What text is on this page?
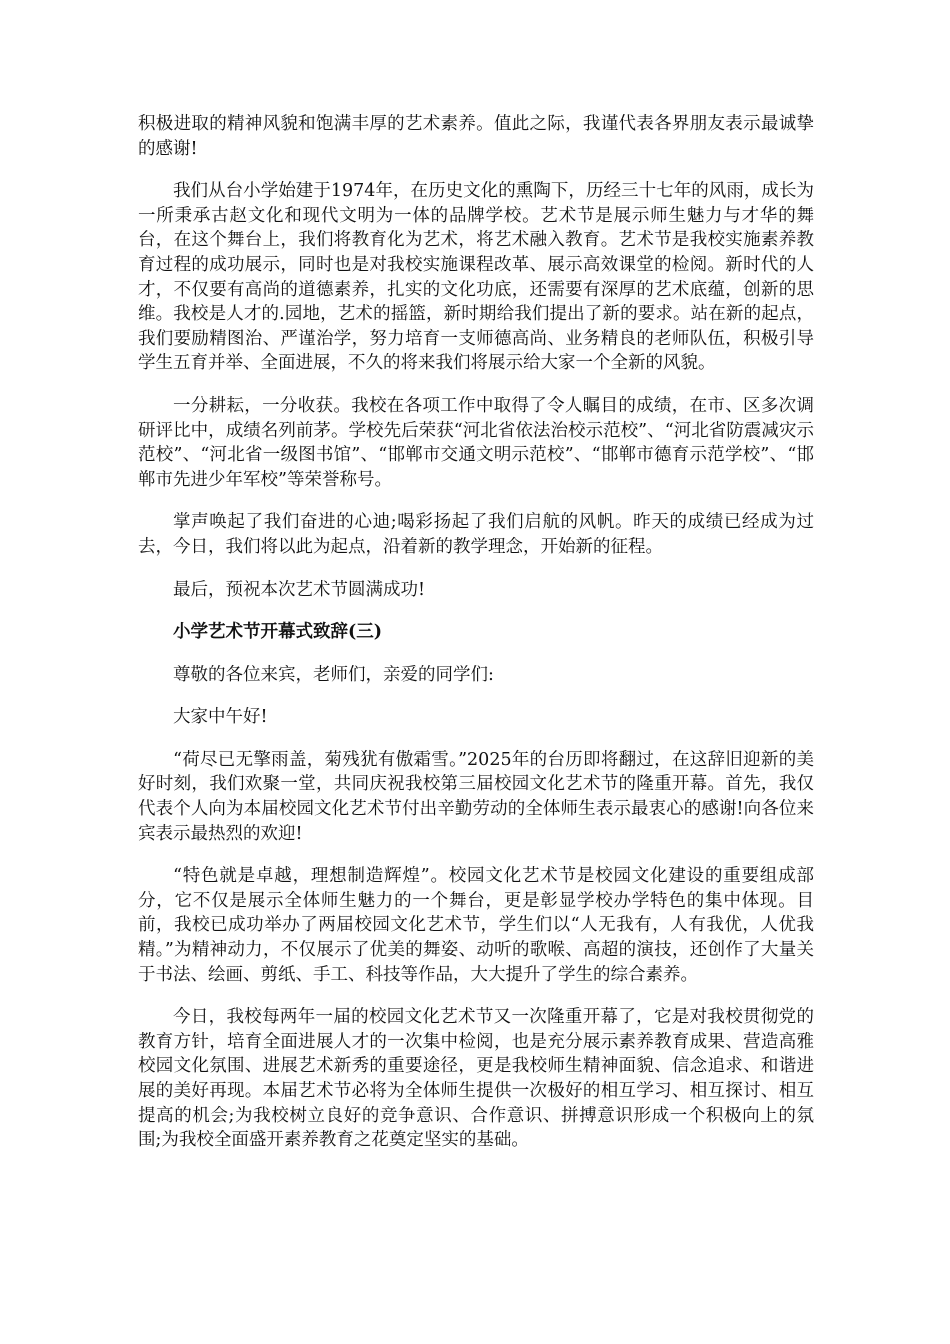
积极进取的精神风貌和饱满丰厚的艺术素养。值此之际，我谨代表各界朋友表示最诚挚的感谢!

我们从台小学始建于1974年，在历史文化的熏陶下，历经三十七年的风雨，成长为一所秉承古赵文化和现代文明为一体的品牌学校。艺术节是展示师生魅力与才华的舞台，在这个舞台上，我们将教育化为艺术，将艺术融入教育。艺术节是我校实施素养教育过程的成功展示，同时也是对我校实施课程改革、展示高效课堂的检阅。新时代的人才，不仅要有高尚的道德素养，扎实的文化功底，还需要有深厚的艺术底蕴，创新的思维。我校是人才的.园地，艺术的摇篮，新时期给我们提出了新的要求。站在新的起点，我们要励精图治、严谨治学，努力培育一支师德高尚、业务精良的老师队伍，积极引导学生五育并举、全面进展，不久的将来我们将展示给大家一个全新的风貌。

一分耕耘，一分收获。我校在各项工作中取得了令人瞩目的成绩，在市、区多次调研评比中，成绩名列前茅。学校先后荣获“河北省依法治校示范校”、“河北省防震减灾示范校”、“河北省一级图书馆”、“邯郸市交通文明示范校”、“邯郸市德育示范学校”、“邯郸市先进少年军校”等荣誉称号。

掌声唤起了我们奋进的心迪;喝彩扬起了我们启航的风帆。昨天的成绩已经成为过去，今日，我们将以此为起点，沿着新的教学理念，开始新的征程。

最后，预祝本次艺术节圆满成功!

小学艺术节开幕式致辞(三)

尊敬的各位来宾，老师们，亲爱的同学们:

大家中午好!

“荷尽已无擎雨盖，菊残犹有傲霜雪。”2025年的台历即将翻过，在这辞旧迎新的美好时刻，我们欢聚一堂，共同庆祝我校第三届校园文化艺术节的隆重开幕。首先，我仅代表个人向为本届校园文化艺术节付出辛勤劳动的全体师生表示最衷心的感谢!向各位来宾表示最热烈的欢迎!

“特色就是卓越，理想制造辉煌”。校园文化艺术节是校园文化建设的重要组成部分，它不仅是展示全体师生魅力的一个舞台，更是彰显学校办学特色的集中体现。目前，我校已成功举办了两届校园文化艺术节，学生们以“人无我有，人有我优，人优我精。”为精神动力，不仅展示了优美的舞姿、动听的歌喉、高超的演技，还创作了大量关于书法、绘画、剪纸、手工、科技等作品，大大提升了学生的综合素养。

今日，我校每两年一届的校园文化艺术节又一次隆重开幕了，它是对我校贯彻党的教育方针，培育全面进展人才的一次集中检阅，也是充分展示素养教育成果、营造高雅校园文化氛围、进展艺术新秀的重要途径，更是我校师生精神面貌、信念追求、和谐进展的美好再现。本届艺术节必将为全体师生提供一次极好的相互学习、相互探讨、相互提高的机会;为我校树立良好的竞争意识、合作意识、拼搏意识形成一个积极向上的氛围;为我校全面盛开素养教育之花奠定坚实的基础。
